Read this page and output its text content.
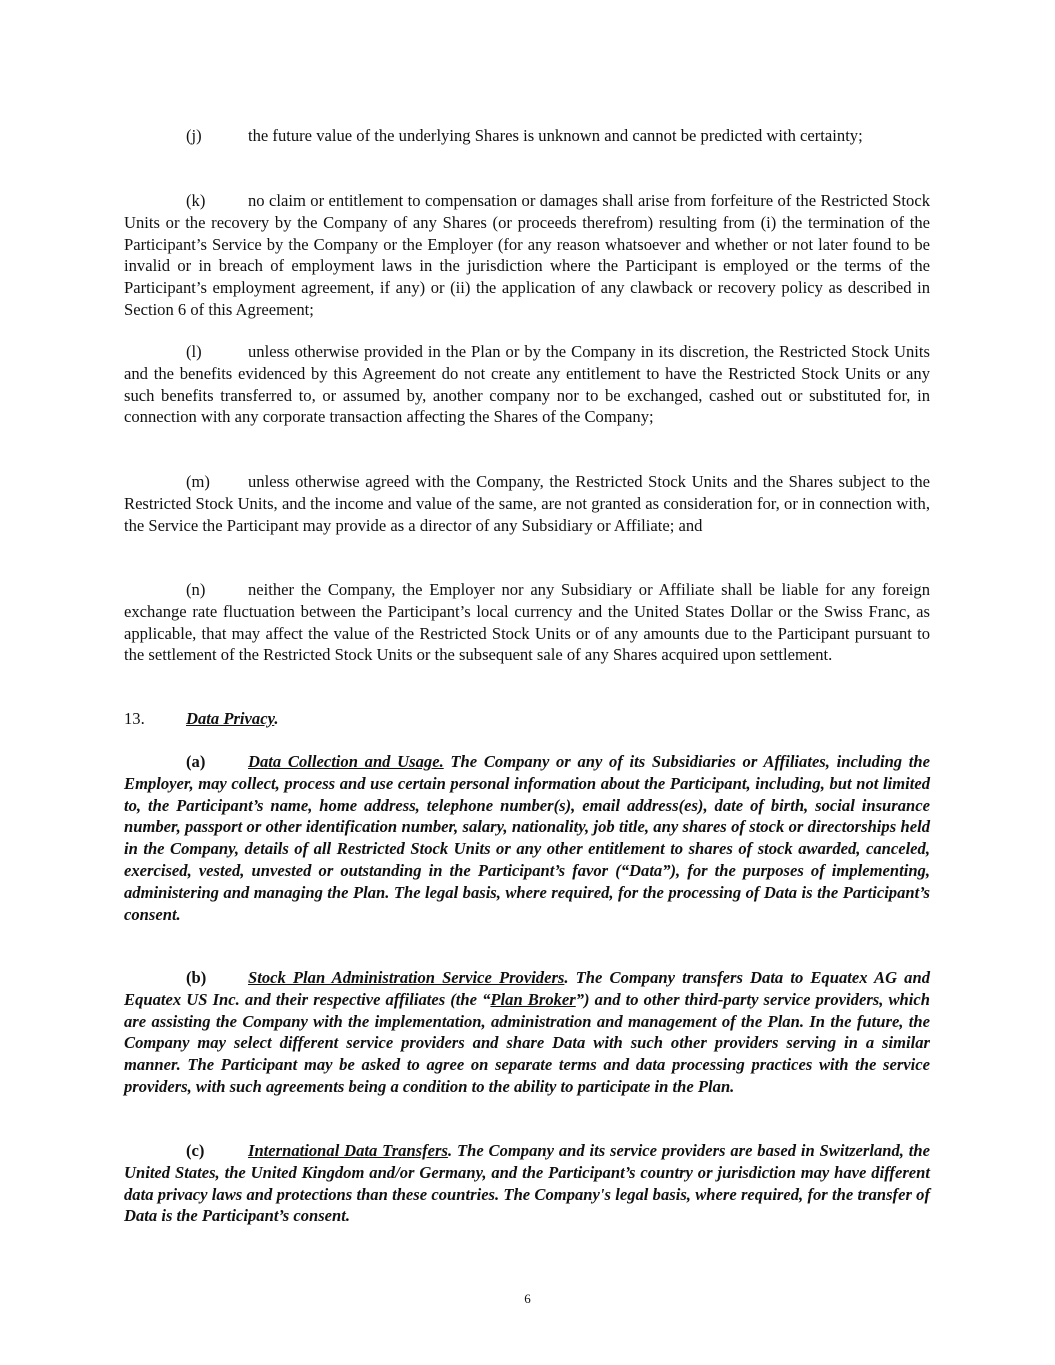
(j)	the future value of the underlying Shares is unknown and cannot be predicted with certainty;

(k)	no claim or entitlement to compensation or damages shall arise from forfeiture of the Restricted Stock Units or the recovery by the Company of any Shares (or proceeds therefrom) resulting from (i) the termination of the Participant’s Service by the Company or the Employer (for any reason whatsoever and whether or not later found to be invalid or in breach of employment laws in the jurisdiction where the Participant is employed or the terms of the Participant’s employment agreement, if any) or (ii) the application of any clawback or recovery policy as described in Section 6 of this Agreement;

(l)	unless otherwise provided in the Plan or by the Company in its discretion, the Restricted Stock Units and the benefits evidenced by this Agreement do not create any entitlement to have the Restricted Stock Units or any such benefits transferred to, or assumed by, another company nor to be exchanged, cashed out or substituted for, in connection with any corporate transaction affecting the Shares of the Company;

(m) unless otherwise agreed with the Company, the Restricted Stock Units and the Shares subject to the Restricted Stock Units, and the income and value of the same, are not granted as consideration for, or in connection with, the Service the Participant may provide as a director of any Subsidiary or Affiliate; and

(n)	neither the Company, the Employer nor any Subsidiary or Affiliate shall be liable for any foreign exchange rate fluctuation between the Participant’s local currency and the United States Dollar or the Swiss Franc, as applicable, that may affect the value of the Restricted Stock Units or of any amounts due to the Participant pursuant to the settlement of the Restricted Stock Units or the subsequent sale of any Shares acquired upon settlement.

13. Data Privacy.

(a)	Data Collection and Usage. The Company or any of its Subsidiaries or Affiliates, including the Employer, may collect, process and use certain personal information about the Participant, including, but not limited to, the Participant’s name, home address, telephone number(s), email address(es), date of birth, social insurance number, passport or other identification number, salary, nationality, job title, any shares of stock or directorships held in the Company, details of all Restricted Stock Units or any other entitlement to shares of stock awarded, canceled, exercised, vested, unvested or outstanding in the Participant’s favor (“Data”), for the purposes of implementing, administering and managing the Plan. The legal basis, where required, for the processing of Data is the Participant’s consent.

(b)	Stock Plan Administration Service Providers. The Company transfers Data to Equatex AG and Equatex US Inc. and their respective affiliates (the “Plan Broker”) and to other third-party service providers, which are assisting the Company with the implementation, administration and management of the Plan. In the future, the Company may select different service providers and share Data with such other providers serving in a similar manner. The Participant may be asked to agree on separate terms and data processing practices with the service providers, with such agreements being a condition to the ability to participate in the Plan.

(c)	International Data Transfers. The Company and its service providers are based in Switzerland, the United States, the United Kingdom and/or Germany, and the Participant’s country or jurisdiction may have different data privacy laws and protections than these countries. The Company's legal basis, where required, for the transfer of Data is the Participant’s consent.

6
